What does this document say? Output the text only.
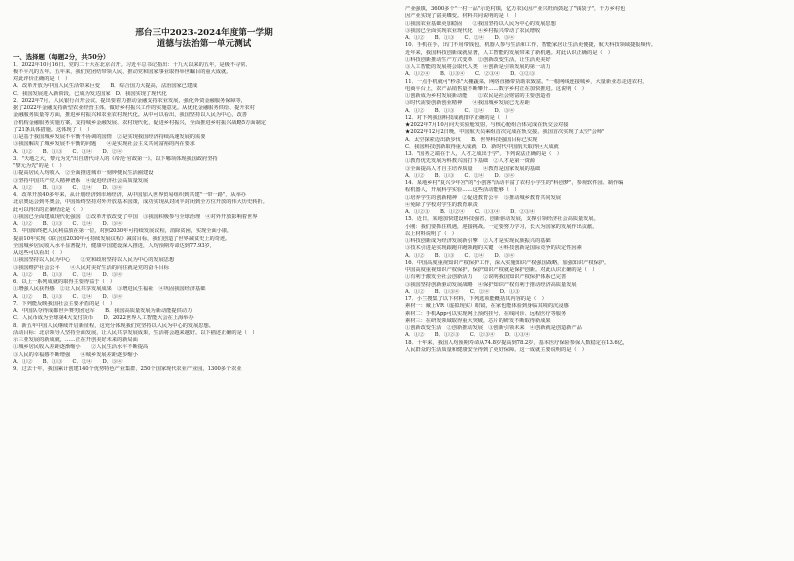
邢台三中2023-2024年度第一学期

道德与法治第一单元测试

一、选择题（每题2分，共50分）

1．2022年10月16日，党的二十大在北京召开。习近平总书记指出：十九大以来的五年，是极不寻常、

极不平凡的五年。五年来，我们党团结带领人民，推动党和国家事业取得举世瞩目的重大成就。

对此评价正确的是（　）

A．改革开放为中国人民生活带来巨变　　B．综合国力大提高，法治国家已建成

C．我国发展进入新阶段，已成为发达国家　D．我国实现了现代化

2．2022年7月，人民银行召开会议，提出要着力推动金融支持农业发展，强化外资金融服务保障等，

据了2022年金融支持新型农业经营主体，做好乡村振兴工作的实施意见。从优化金融服务供给、提升农村

金融服务质量等方面，推进乡村振兴和农业农村现代化。从中可以看出，我国坚持以人民为中心，改善

合机构金融服务实施方案，支持城乡金融发展、农村现代化，促进乡村振兴，全面推进乡村振兴战略5方面制定

了21条具体措施。这体现了（　）

①是基于我国城乡发展不平衡不协调的国情　②是实现我国经济持续高速发展的需要

③我国解决了城乡发展不平衡的问题　　④是实现社会主义共同富裕的内在要求

A．①②　　B．①③　　C．①④　　D．②④

3．"天地之大，黎元为先"出自唐代诗人的《帝范·官政第一》。以下哪项体现我国政府坚持

"黎元为先"的是（　）

①提高居民人均收入　②全面推进城市一刻钟便民生活圈建设

③坚持中国共产党人精神谱系　④促进经济社会高质量发展

A．①②　　B．①③　　C．②④　　D．③④

4．改革开放40多年来，从计划经济到市场经济，从中国加入世界贸易组织到共建"一带一路"，从举办

北京奥运会到冬奥会，中国始终坚持对外开放基本国策，成功实现从封闭半封闭到全方位开放的伟大历史转折。

此可以得出的正确结论是（　）

①我国已全面建成现代化强国　②改革开放改变了中国　③我国积极参与全球治理　④对外开放影响着世界

A．①②　　B．①③　　C．②④　　D．③④

5．中国始终把人民利益放在第一位，对照2030年可持续发展议程，消除贫困，实现全面小康，

提前10年实现《联合国2030年可持续发展议程》减贫目标，我们创造了世界减贫史上的奇迹。

全国城乡居民收入水平显著提升，健康中国建设深入推进，人均预期寿命达到77.93岁，

从这些可以看出（　）

①我国坚持以人民为中心　　②党和政府坚持以人民为中心的发展思想

③我国维护社会公平　　④人民对美好生活的向往就是党的奋斗目标

A．①②　　B．①③　　C．②④　　D．③④

6．以上一系列成就的取得主要得益于（　）

①增强人民获得感　②让人民共享发展成果　③增进民生福祉　④巩固我国经济基础

A．①②　　B．①③　　C．②④　　D．③④

7．下列能反映我国社会主要矛盾的是（　）

A．中国队夺得成都世乒赛男团冠军　　B．我国高质量发展为新动能提供动力

C．人民币成为全球第4大支付货币　　D．2022世界人工智能大会在上海举办

8．新五年中国人民继续开启新征程，这充分体现我们党坚持以人民为中心的发展思想。

活动目标：北京领导人坚持全面发展，让人民共享发展成果，生活将会越来越好。以下描述正确的是（　）

示三亚发展的新成就，……正在开创美好未来的新局面

①城乡居民收入差距逐渐缩小　　②人民生活水平不断提高

③人民的幸福感不断增强　　④城乡发展差距逐步缩小

A．①②　　B．①③　　C．②④　　D．③④

9．过去十年，我国累计创建140个优势特色产业集群，250个国家现代农业产业园，1300多个农业

产业强镇，3600多个"一村一品"示范村镇，亿万农民因产业兴旺而鼓起了"钱袋子"，千万乡村也

因产业实现了富美蝶变。材料共同说明的是（　）

①我国农业基础更加稳固　　②我国坚持以人民为中心的发展思想

③我国已全面实现农业现代化　④乡村振兴带动了农民增收

A．①②　　B．①③　　C．②④　　D．③④

10．手机在手，出门不用带钱包，机器人参与生活和工作，智能家居让生活更便捷，航天科技领域捷报频传。

近年来，我国科技创新成就显著，人工智能的发展带来了新机遇。对此认识正确的是（　）

①科技创新推动生产方式变革　②创新改变生活，让生活更美好

③人工智能的发展将会取代人类　④创新是引领发展的第一动力

A．①②④　　B．①③④　　C．②③④　　D．①②③

11．一点手机就可"秒杀"大棚蔬菜，网络直播带货助农致富。"一根网线连接城乡，大量新业态走进农村，

电商平台上，农产品销售量不断攀升……数字乡村正在加快推进。这说明（　）

①创新成为乡村发展新动能　　②农民是社会财富的主要创造者

③时代需要创新创业精神　　④我国城乡发展已无差距

A．①②　　B．①③　　C．②④　　D．③④

12．对下列我国科技成就排序正确的是（　）

★2022年7月10月问天实验舱发射，与核心舱组合体完成在轨交会对接

★2022年12月2日晚，中国航天员乘组首次完成在轨交接，我国首次实现了太空"会师"

A．太空探索迈出新步伐　　B．世界科技强国目标已实现

C．我国科技创新取得重大成就　D．新时代中国航天取得巨大成就

13．"国务之端在于人，人才之成出于学"。下列说法正确的是（　）

①教育优先发展为科教兴国打下基础　②人才是第一资源

③全面提高人才自主培养质量　　④教育是国家发展的基础

A．①②　　B．①③　　C．②④　　D．③④

14．某地乡村"复兴少年宫"的"小创客"活动丰富了农村小学生的"科创梦"，参观软件园、制作编

程机器人，开展科学实验……这些活动能够（　）

①培养学生的创新精神　②促进教育公平　③推动城乡教育共同发展

④免除了学校对学生的教育职责

A．①②③　　B．①②④　　C．①③④　　D．②③④

15．近日，某地加快建设科技强省，创新驱动发展，支撑引领经济社会高质量发展。

小刚：我们要抓住机遇，迎接挑战。一定要努力学习，长大为国家的发展作出贡献。

以上材料说明了（　）

①科技创新成为经济发展新引擎　②人才是实现民族振兴的基础

③技术引进是实现跟跑并跑领跑的关键　④科技创新是国际竞争的决定性因素

A．①②　　B．①③　　C．②④　　D．③④

16．中国高度重视知识产权保护工作，深入实施知识产权强国战略，加强知识产权保护。

中国高度重视知识产权保护，保护知识产权就是保护创新。对此认识正确的是（　）

①有利于激发全社会创新活力　　②说明我国知识产权保护体系已完善

③我国坚持创新驱动发展战略　④保护知识产权有利于推动经济高质量发展

A．①②　　B．①③④　　C．②④　　D．①③

17．小兰搜集了以下材料，下列选项能概括其内容的是（　）

素材一：戴上VR（虚拟现实）眼镜，在家也能体验到身临其境的沉浸感

素材二：手机App可以实现网上预约挂号、在线问诊、远程医疗等服务

素材三：在研发领域取得重大突破，芯片的研发不断取得新成果

①创新改变生活　②创新推动发展　③创新引领未来　④创新就是创造新产品

A．①②　　B．①②③　　C．②③④　　D．①③④

18．十年来，我国人均预期寿命从74.8岁提高到78.2岁，基本医疗保险参保人数稳定在13.6亿，

人民群众的生活质量和健康安全得到了更好保障。这一成就主要说明的是（　）
